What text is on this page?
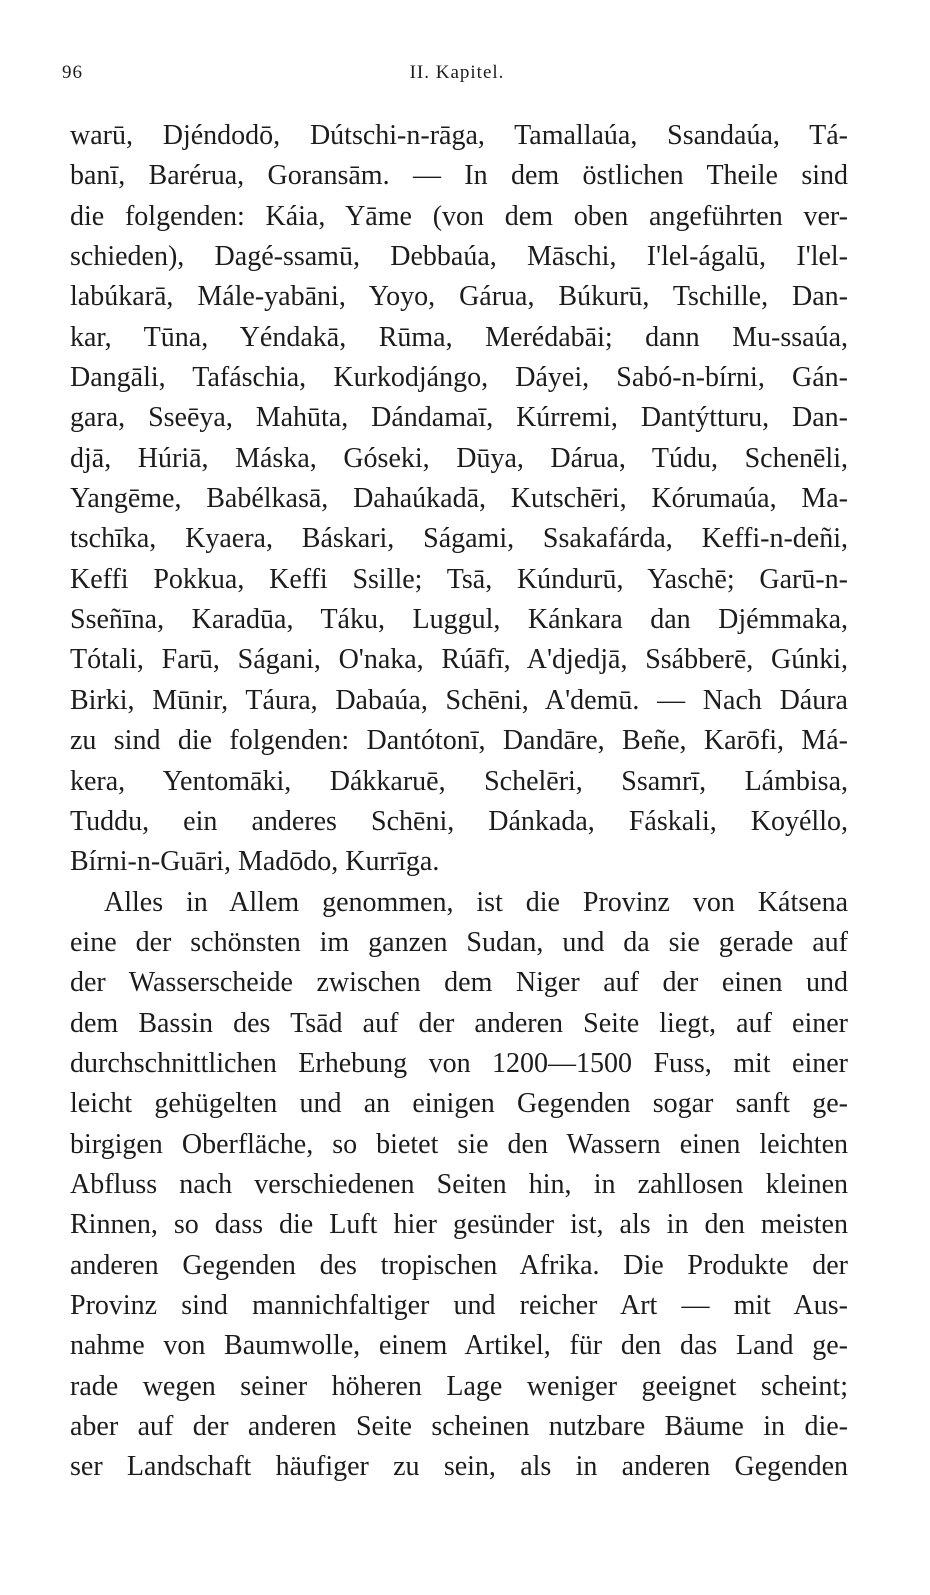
96	II. Kapitel.
warū, Djéndodō, Dútschi-n-rāga, Tamallaúa, Ssandaúa, Tá-
banī, Barérua, Goransām. — In dem östlichen Theile sind
die folgenden: Káia, Yāme (von dem oben angeführten ver-
schieden), Dagé-ssamū, Debbaúa, Māschi, I'lel-ágalū, I'lel-
labúkarā, Mále-yabāni, Yoyo, Gárua, Búkurū, Tschille, Dan-
kar, Tūna, Yéndakā, Rūma, Merédabāi; dann Mu-ssaúa,
Dangāli, Tafáschia, Kurkodjángo, Dáyei, Sabó-n-bírni, Gán-
gara, Sseēya, Mahūta, Dándamaī, Kúrremi, Dantýtturu, Dan-
djā, Húriā, Máska, Góseki, Dūya, Dárua, Túdu, Schenēli,
Yangēme, Babélkasā, Dahaúkadā, Kutschēri, Kórumaúa, Ma-
tschīka, Kyaera, Báskari, Ságami, Ssakafárda, Keffi-n-deñi,
Keffi Pokkua, Keffi Ssille; Tsā, Kúndurū, Yaschē; Garū-n-
Sseñīna, Karadūa, Táku, Luggul, Kánkara dan Djémmaka,
Tótali, Farū, Ságani, O'naka, Rúāfī, A'djedjā, Ssábberē, Gúnki,
Birki, Mūnir, Táura, Dabaúa, Schēni, A'demū. — Nach Dáura
zu sind die folgenden: Dantótonī, Dandāre, Beñe, Karōfi, Má-
kera, Yentomāki, Dákkaruē, Schelēri, Ssamrī, Lámbisa,
Tuddu, ein anderes Schēni, Dánkada, Fáskali, Koyéllo,
Bírni-n-Guāri, Madōdo, Kurrīga.
Alles in Allem genommen, ist die Provinz von Kátsena
eine der schönsten im ganzen Sudan, und da sie gerade auf
der Wasserscheide zwischen dem Niger auf der einen und
dem Bassin des Tsād auf der anderen Seite liegt, auf einer
durchschnittlichen Erhebung von 1200—1500 Fuss, mit einer
leicht gehügelten und an einigen Gegenden sogar sanft ge-
birgigen Oberfläche, so bietet sie den Wassern einen leichten
Abfluss nach verschiedenen Seiten hin, in zahllosen kleinen
Rinnen, so dass die Luft hier gesünder ist, als in den meisten
anderen Gegenden des tropischen Afrika. Die Produkte der
Provinz sind mannichfaltiger und reicher Art — mit Aus-
nahme von Baumwolle, einem Artikel, für den das Land ge-
rade wegen seiner höheren Lage weniger geeignet scheint;
aber auf der anderen Seite scheinen nutzbare Bäume in die-
ser Landschaft häufiger zu sein, als in anderen Gegenden
